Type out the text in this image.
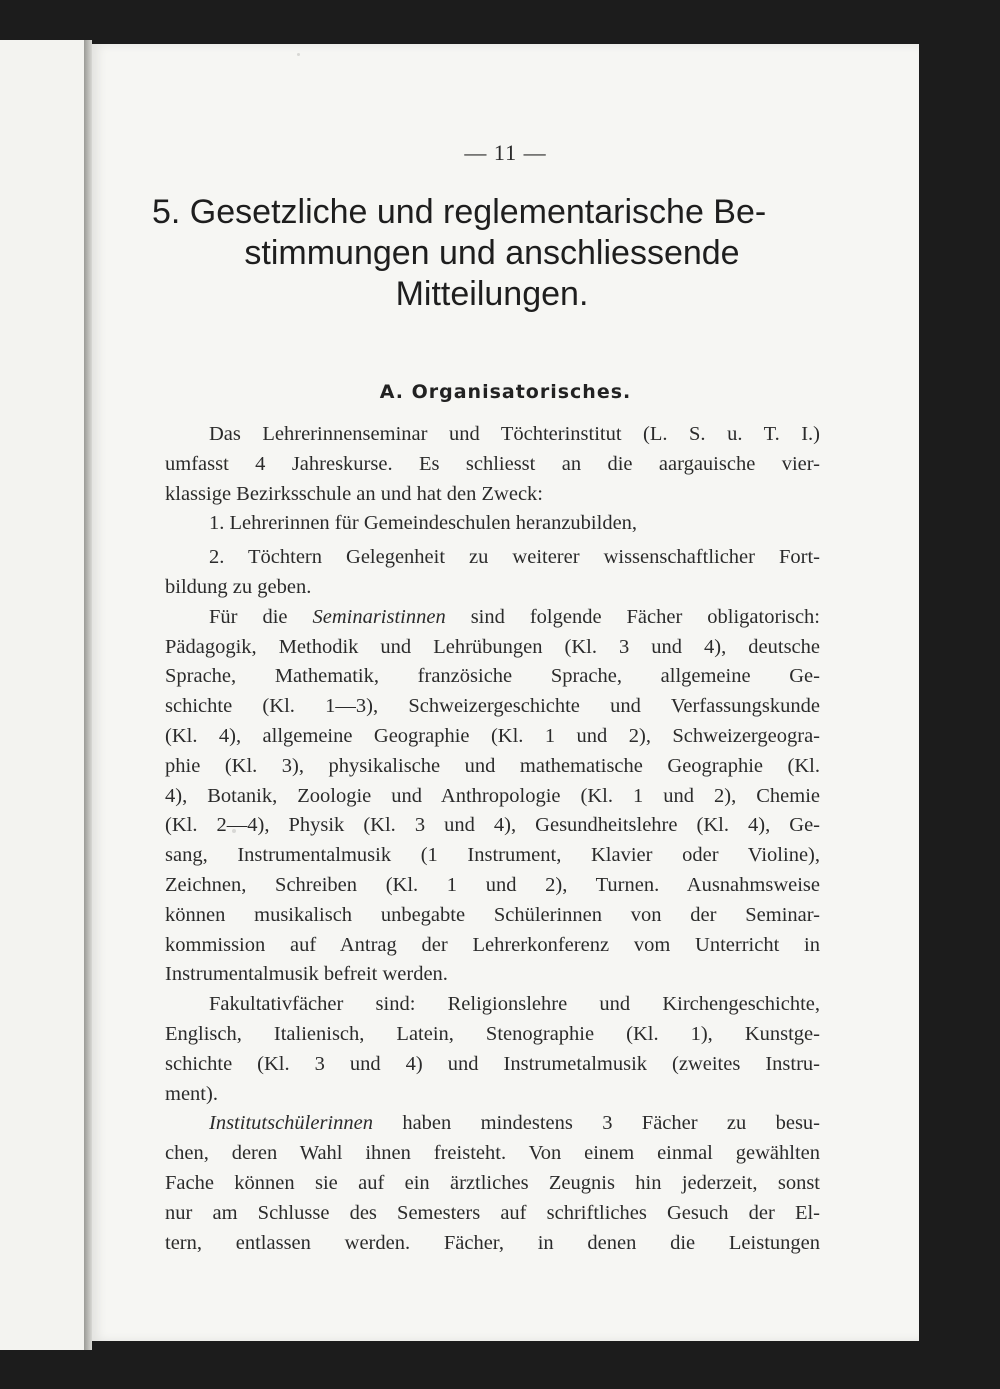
— 11 —
5. Gesetzliche und reglementarische Be-
stimmungen und anschliessende
Mitteilungen.
A. Organisatorisches.
Das Lehrerinnenseminar und Töchterinstitut (L. S. u. T. I.)
umfasst 4 Jahreskurse. Es schliesst an die aargauische vier-
klassige Bezirksschule an und hat den Zweck:
1. Lehrerinnen für Gemeindeschulen heranzubilden,
2. Töchtern Gelegenheit zu weiterer wissenschaftlicher Fort-
bildung zu geben.
Für die Seminaristinnen sind folgende Fächer obligatorisch:
Pädagogik, Methodik und Lehrübungen (Kl. 3 und 4), deutsche
Sprache, Mathematik, französiche Sprache, allgemeine Ge-
schichte (Kl. 1—3), Schweizergeschichte und Verfassungskunde
(Kl. 4), allgemeine Geographie (Kl. 1 und 2), Schweizergeogra-
phie (Kl. 3), physikalische und mathematische Geographie (Kl.
4), Botanik, Zoologie und Anthropologie (Kl. 1 und 2), Chemie
(Kl. 2—4), Physik (Kl. 3 und 4), Gesundheitslehre (Kl. 4), Ge-
sang, Instrumentalmusik (1 Instrument, Klavier oder Violine),
Zeichnen, Schreiben (Kl. 1 und 2), Turnen. Ausnahmsweise
können musikalisch unbegabte Schülerinnen von der Seminar-
kommission auf Antrag der Lehrerkonferenz vom Unterricht in
Instrumentalmusik befreit werden.
Fakultativfächer sind: Religionslehre und Kirchengeschichte,
Englisch, Italienisch, Latein, Stenographie (Kl. 1), Kunstge-
schichte (Kl. 3 und 4) und Instrumetalmusik (zweites Instru-
ment).
Institutschülerinnen haben mindestens 3 Fächer zu besu-
chen, deren Wahl ihnen freisteht. Von einem einmal gewählten
Fache können sie auf ein ärztliches Zeugnis hin jederzeit, sonst
nur am Schlusse des Semesters auf schriftliches Gesuch der El-
tern, entlassen werden. Fächer, in denen die Leistungen
